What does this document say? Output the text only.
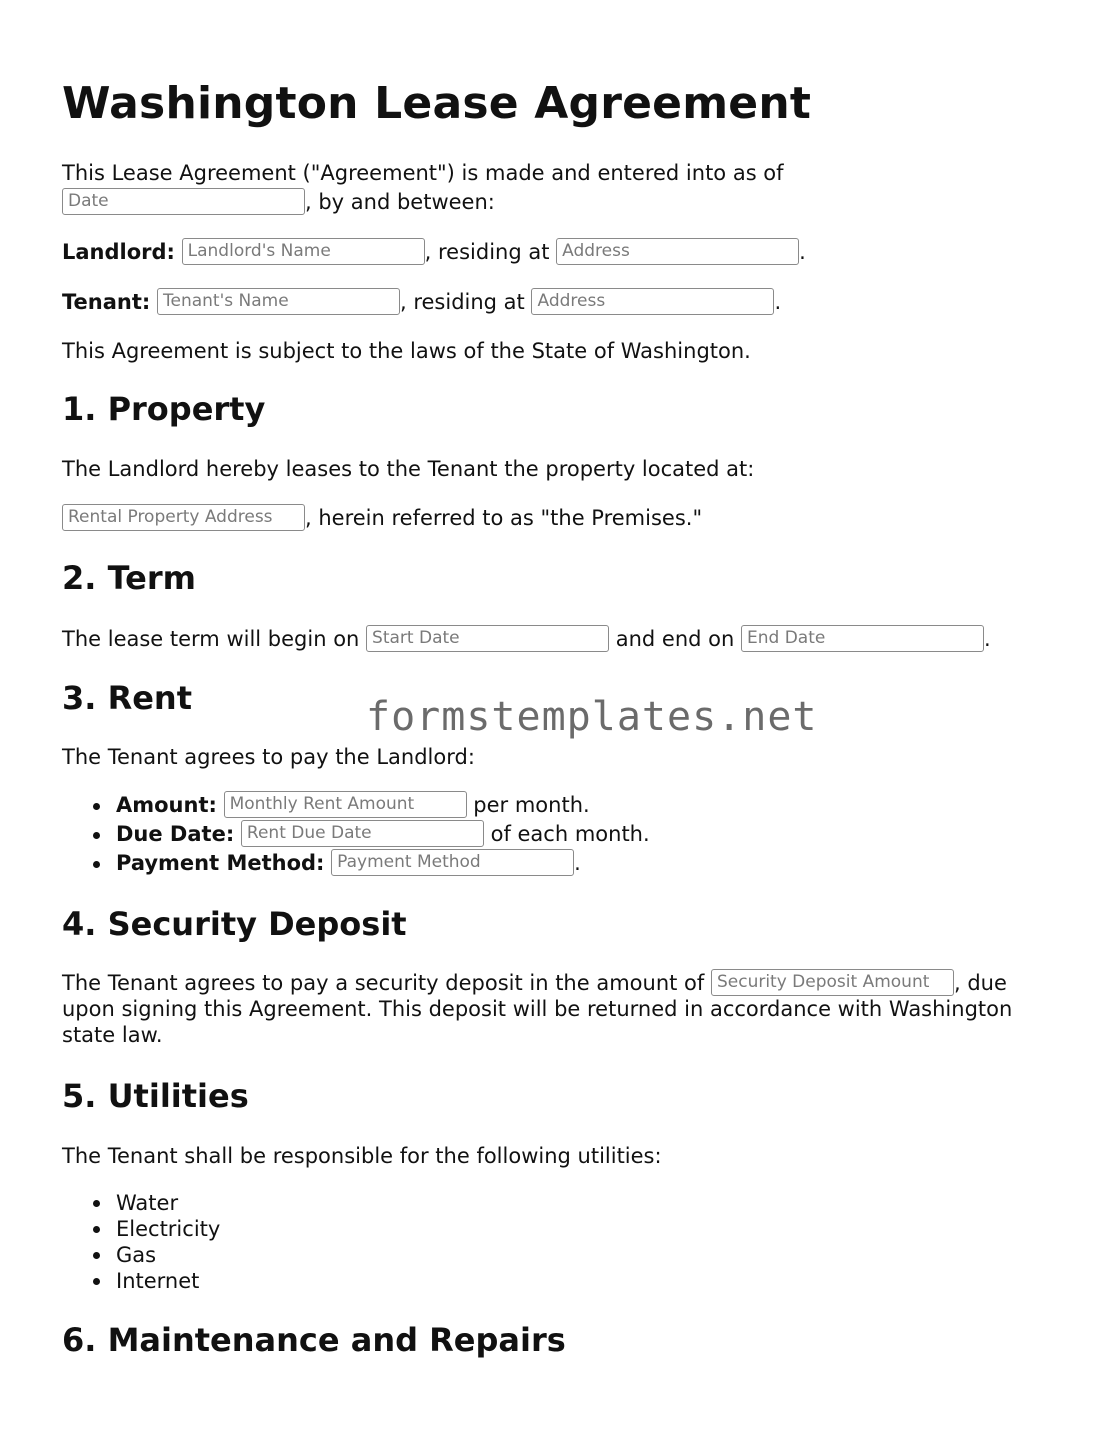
Washington Lease Agreement
This Lease Agreement ("Agreement") is made and entered into as of
Date	, by and between:
Landlord: Landlord's Name	, residing at Address	.
Tenant: Tenant's Name	, residing at Address	.
This Agreement is subject to the laws of the State of Washington.
1. Property
The Landlord hereby leases to the Tenant the property located at:
Rental Property Address , herein referred to as "the Premises."
2. Term
The lease term will begin on Start Date	and end on End Date	.
3. Rent	formstemplates.net
The Tenant agrees to pay the Landlord:
Amount: Monthly Rent Amount	per month.
Due Date: Rent Due Date	of each month.
Payment Method: Payment Method	.
4. Security Deposit
The Tenant agrees to pay a security deposit in the amount of Security Deposit Amount , due upon signing this Agreement. This deposit will be returned in accordance with Washington state law.
5. Utilities
The Tenant shall be responsible for the following utilities:
Water
Electricity
Gas
Internet
6. Maintenance and Repairs
